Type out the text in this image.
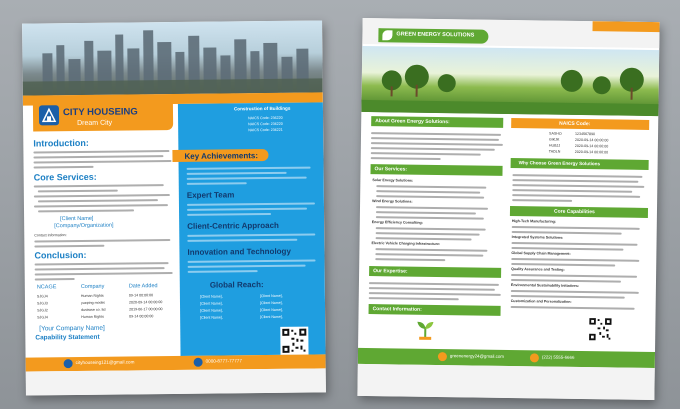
CITY HOUSEING
Dream City
Construction of Buildings
NAICS Code: 236220
NAICS Code: 236220
NAICS Code: 236221
Key Achievements:
Expert Team
Client-Centric Approach
Innovation and Technology
Global Reach:
[Client Name],	[Client Name],
[Client Name],	[Client Name],
[Client Name],	[Client Name],
[Client Name],	[Client Name],
Introduction:
Core Services:
[Client Name]
[Company/Organization]
Contact Information:
Conclusion:
NCAGE	Company	Date Added
SJGJ4	Human Rights	09-14 00:00:00
SJGJ3	yueping modet	2020-09-14 00:00:00
SJGJ2	dustrase co. ltd	2019-06-17 00:00:00
SJGJ4	Human Rights	09-14 00:00:00
[Your Company Name]
Capability Statement
cityhouseing121@gmail.com	0000-8777-77777
GREEN ENERGY SOLUTIONS
About Green Energy Solutions:
Our Services:
Solar Energy Solutions:
Wind Energy Solutions:
Energy Efficiency Consulting:
Electric Vehicle Charging Infrastructure:
Our Expertise:
Contact Information:
NAICS Code:
SASHO	1234567890
GIKJK	2020-09-14 00:00:00
HUBJJ	2020-09-14 00:00:00
TADLN	2020-09-14 00:00:00
Why Choose Green Energy Solutions
Core Capabilities
High-Tech Manufacturing:
Integrated Systems Solutions:
Global Supply Chain Management:
Quality Assurance and Testing:
Environmental Sustainability Initiatives:
Customization and Personalization:
greenenergy24@gmail.com	(222) 5555-6666
